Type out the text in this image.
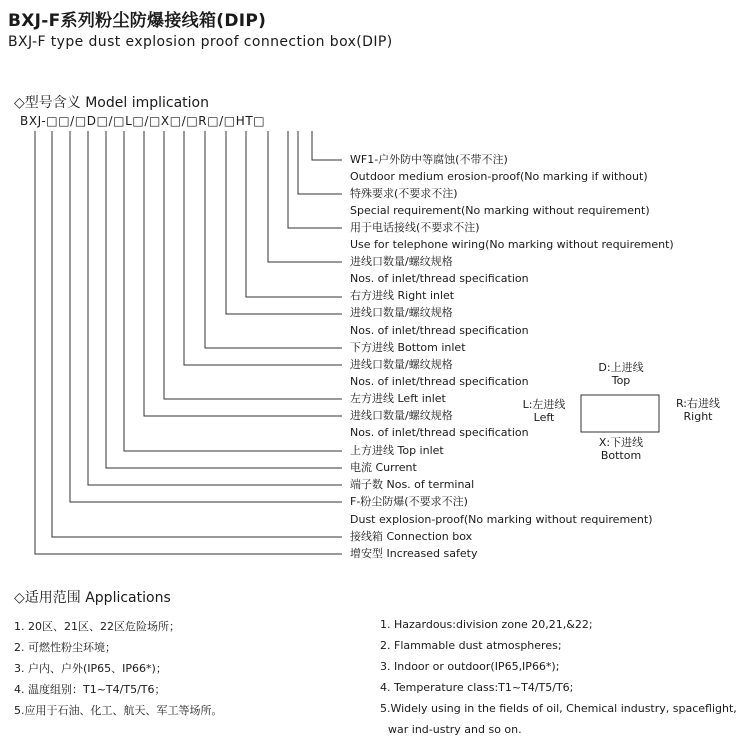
BXJ-F系列粉尘防爆接线箱(DIP)
BXJ-F type dust explosion proof connection box(DIP)
◇型号含义 Model implication
BXJ-□□/□D□/□L□/□X□/□R□/□HT□
WF1-户外防中等腐蚀(不带不注)
Outdoor medium erosion-proof(No marking if without)
特殊要求(不要求不注)
Special requirement(No marking without requirement)
用于电话接线(不要求不注)
Use for telephone wiring(No marking without requirement)
进线口数量/螺纹规格
Nos. of inlet/thread specification
右方进线 Right inlet
进线口数量/螺纹规格
Nos. of inlet/thread specification
下方进线 Bottom inlet
进线口数量/螺纹规格
Nos. of inlet/thread specification
左方进线 Left inlet
进线口数量/螺纹规格
Nos. of inlet/thread specification
上方进线 Top inlet
电流 Current
端子数 Nos. of terminal
F-粉尘防爆(不要求不注)
Dust explosion-proof(No marking without requirement)
接线箱 Connection box
增安型 Increased safety
D:上进线
Top
L:左进线
Left
R:右进线
Right
X:下进线
Bottom
◇适用范围 Applications
1. 20区、21区、22区危险场所；
2. 可燃性粉尘环境；
3. 户内、户外(IP65、IP66*)；
4. 温度组别：T1~T4/T5/T6；
5.应用于石油、化工、航天、军工等场所。
1. Hazardous:division zone 20,21,&22;
2. Flammable dust atmospheres;
3. Indoor or outdoor(IP65,IP66*);
4. Temperature class:T1~T4/T5/T6;
5.Widely using in the fields of oil, Chemical industry, spaceflight,
war ind-ustry and so on.
